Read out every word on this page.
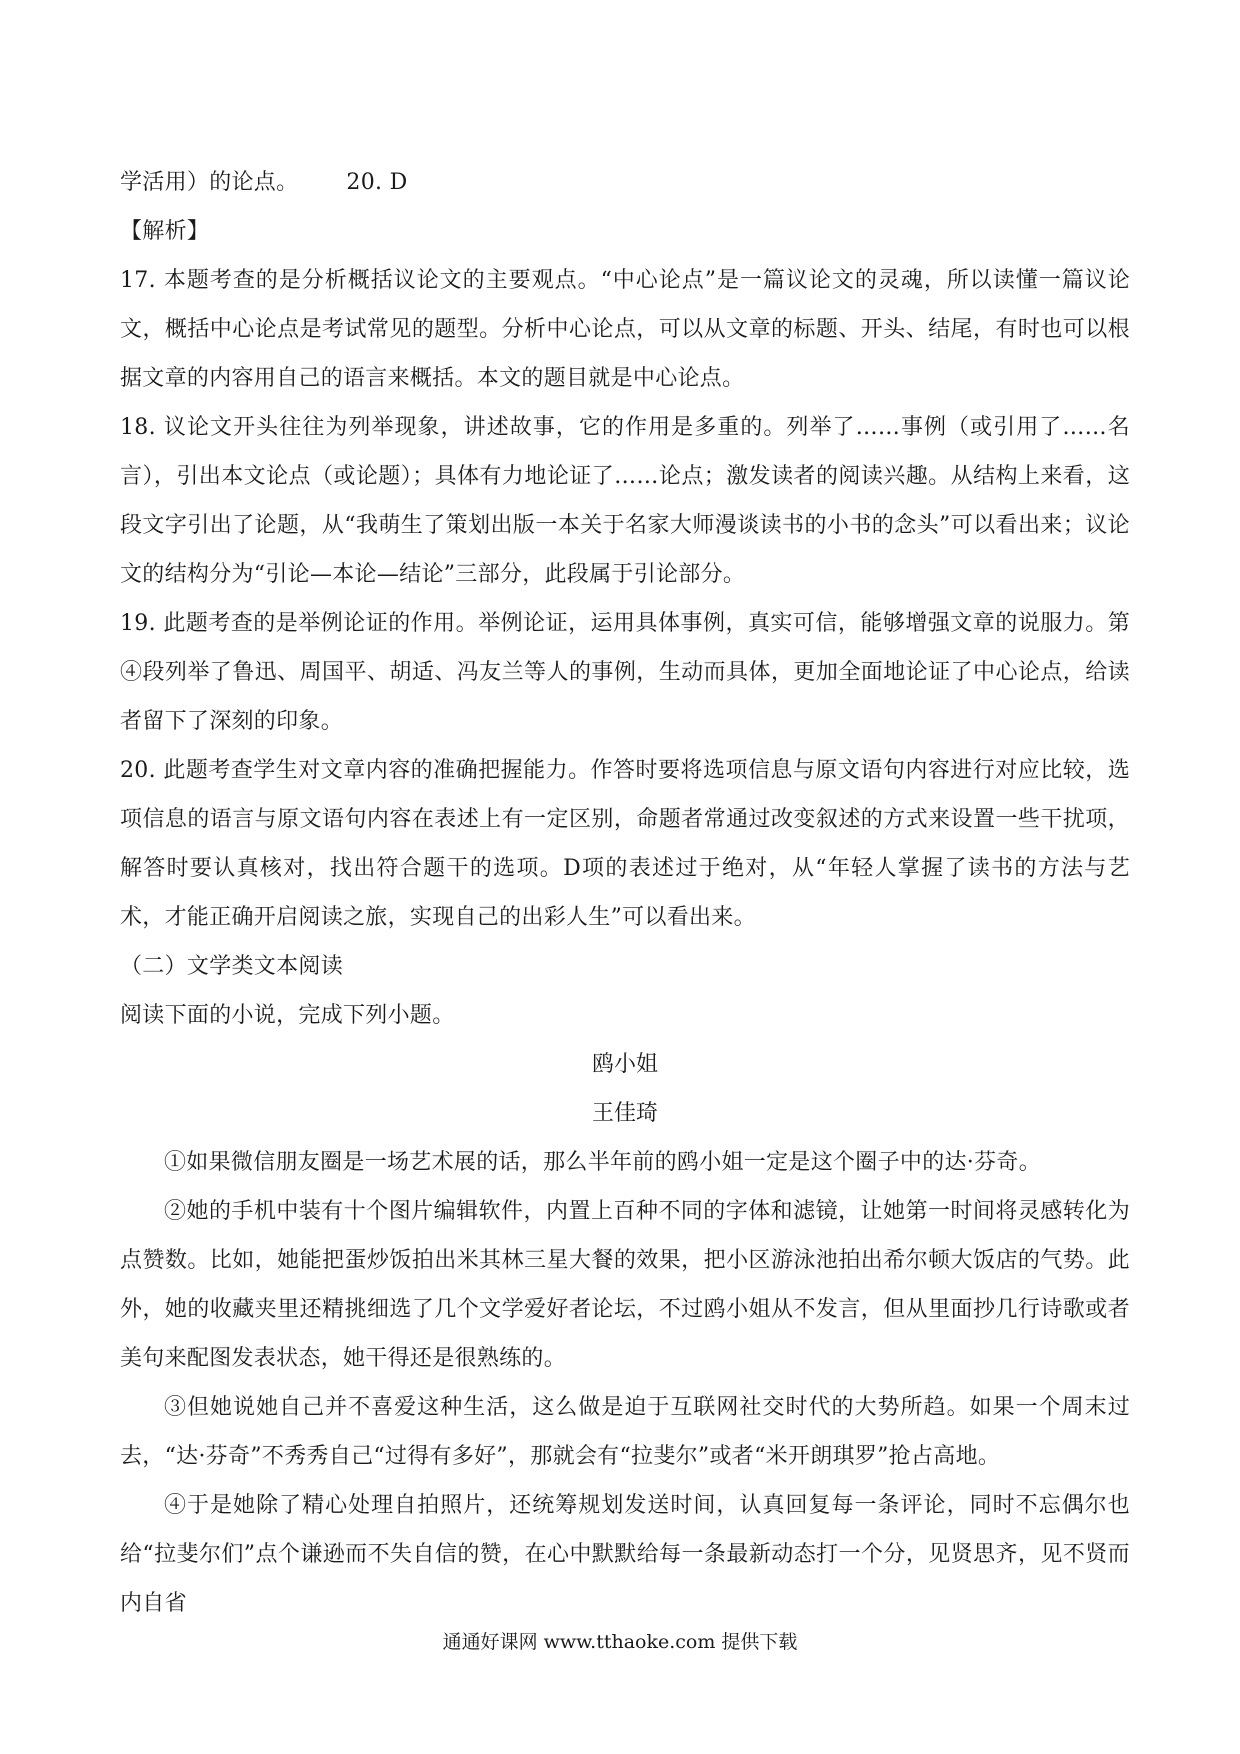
学活用）的论点。 20. D

【解析】

17. 本题考查的是分析概括议论文的主要观点。“中心论点”是一篇议论文的灵魂，所以读懂一篇议论文，概括中心论点是考试常见的题型。分析中心论点，可以从文章的标题、开头、结尾，有时也可以根据文章的内容用自己的语言来概括。本文的题目就是中心论点。

18. 议论文开头往往为列举现象，讲述故事，它的作用是多重的。列举了……事例（或引用了……名言），引出本文论点（或论题）；具体有力地论证了……论点；激发读者的阅读兴趣。从结构上来看，这段文字引出了论题，从“我萌生了策划出版一本关于名家大师漫谈读书的小书的念头”可以看出来；议论文的结构分为“引论—本论—结论”三部分，此段属于引论部分。

19. 此题考查的是举例论证的作用。举例论证，运用具体事例，真实可信，能够增强文章的说服力。第④段列举了鲁迅、周国平、胡适、冯友兰等人的事例，生动而具体，更加全面地论证了中心论点，给读者留下了深刻的印象。

20. 此题考查学生对文章内容的准确把握能力。作答时要将选项信息与原文语句内容进行对应比较，选项信息的语言与原文语句内容在表述上有一定区别，命题者常通过改变叙述的方式来设置一些干扰项，解答时要认真核对，找出符合题干的选项。D项的表述过于绝对，从“年轻人掌握了读书的方法与艺术，才能正确开启阅读之旅，实现自己的出彩人生”可以看出来。

（二）文学类文本阅读

阅读下面的小说，完成下列小题。

鸥小姐

王佳琦

①如果微信朋友圈是一场艺术展的话，那么半年前的鸥小姐一定是这个圈子中的达·芬奇。

②她的手机中装有十个图片编辑软件，内置上百种不同的字体和滤镜，让她第一时间将灵感转化为点赞数。比如，她能把蛋炒饭拍出米其林三星大餐的效果，把小区游泳池拍出希尔顿大饭店的气势。此外，她的收藏夹里还精挑细选了几个文学爱好者论坛，不过鸥小姐从不发言，但从里面抄几行诗歌或者美句来配图发表状态，她干得还是很熟练的。

③但她说她自己并不喜爱这种生活，这么做是迫于互联网社交时代的大势所趋。如果一个周末过去，“达·芬奇”不秀秀自己“过得有多好”，那就会有“拉斐尔”或者“米开朗琪罗”抢占高地。

④于是她除了精心处理自拍照片，还统筹规划发送时间，认真回复每一条评论，同时不忘偶尔也给“拉斐尔们”点个谦逊而不失自信的赞，在心中默默给每一条最新动态打一个分，见贤思齐，见不贤而内自省

通通好课网 www.tthaoke.com 提供下载
